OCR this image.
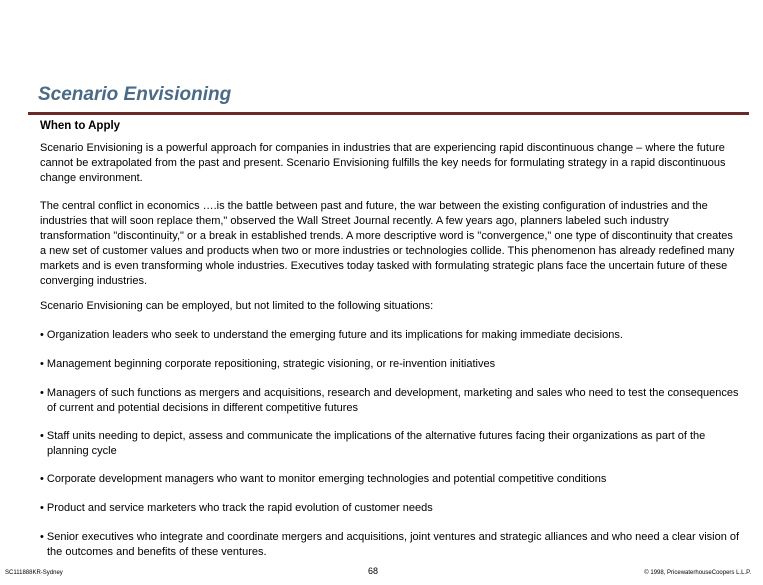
Scenario Envisioning
When to Apply
Scenario Envisioning is a powerful approach for companies in industries that are experiencing rapid discontinuous change – where the future cannot be extrapolated from the past and present. Scenario Envisioning fulfills the key needs for formulating strategy in a rapid discontinuous change environment.
The central conflict in economics ….is the battle between past and future, the war between the existing configuration of industries and the industries that will soon replace them," observed the Wall Street Journal recently. A few years ago, planners labeled such industry transformation "discontinuity," or a break in established trends. A more descriptive word is "convergence," one type of discontinuity that creates a new set of customer values and products when two or more industries or technologies collide. This phenomenon has already redefined many markets and is even transforming whole industries. Executives today tasked with formulating strategic plans face the uncertain future of these converging industries.
Scenario Envisioning can be employed, but not limited to the following situations:
• Organization leaders who seek to understand the emerging future and its implications for making immediate decisions.
• Management beginning corporate repositioning, strategic visioning, or re-invention initiatives
• Managers of such functions as mergers and acquisitions, research and development, marketing and sales who need to test the consequences of current and potential decisions in different competitive futures
• Staff units needing to depict, assess and communicate the implications of the alternative futures facing their organizations as part of the planning cycle
• Corporate development managers who want to monitor emerging technologies and potential competitive conditions
• Product and service marketers who track the rapid evolution of customer needs
• Senior executives who integrate and coordinate mergers and acquisitions, joint ventures and strategic alliances and who need a clear vision of the outcomes and benefits of these ventures.
SC111888KR-Sydney	68	© 1998, PricewaterhouseCoopers L.L.P.
